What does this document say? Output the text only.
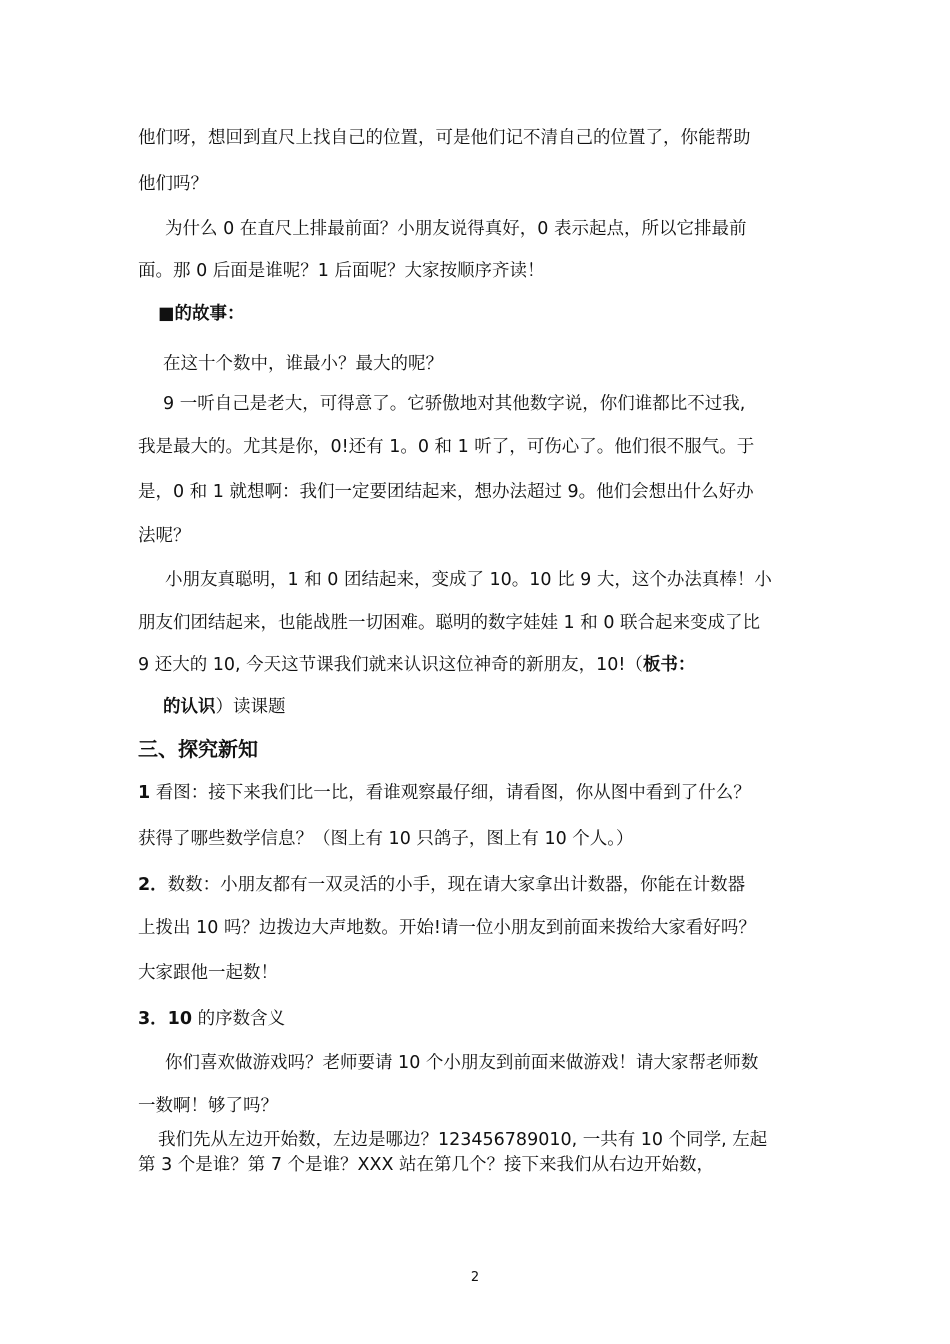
他们呀，想回到直尺上找自己的位置，可是他们记不清自己的位置了，你能帮助
他们吗？
为什么 0 在直尺上排最前面？小朋友说得真好，0 表示起点，所以它排最前
面。那 0 后面是谁呢？1 后面呢？大家按顺序齐读！
■的故事：
在这十个数中，谁最小？最大的呢？
9 一听自己是老大，可得意了。它骄傲地对其他数字说，你们谁都比不过我,
我是最大的。尤其是你，0!还有 1。0 和 1 听了，可伤心了。他们很不服气。于
是，0 和 1 就想啊：我们一定要团结起来，想办法超过 9。他们会想出什么好办
法呢？
小朋友真聪明，1 和 0 团结起来，变成了 10。10 比 9 大，这个办法真棒！小
朋友们团结起来，也能战胜一切困难。聪明的数字娃娃 1 和 0 联合起来变成了比
9 还大的 10, 今天这节课我们就来认识这位神奇的新朋友，10!（板书：
的认识）读课题
三、探究新知
1 看图：接下来我们比一比，看谁观察最仔细，请看图，你从图中看到了什么？
获得了哪些数学信息？（图上有 10 只鸽子，图上有 10 个人。）
2．数数：小朋友都有一双灵活的小手，现在请大家拿出计数器，你能在计数器
上拨出 10 吗？边拨边大声地数。开始!请一位小朋友到前面来拨给大家看好吗？
大家跟他一起数！
3．10 的序数含义
你们喜欢做游戏吗？老师要请 10 个小朋友到前面来做游戏！请大家帮老师数
一数啊！够了吗？
我们先从左边开始数，左边是哪边？123456789010, 一共有 10 个同学, 左起
第 3 个是谁？第 7 个是谁？XXX 站在第几个？接下来我们从右边开始数，
2
